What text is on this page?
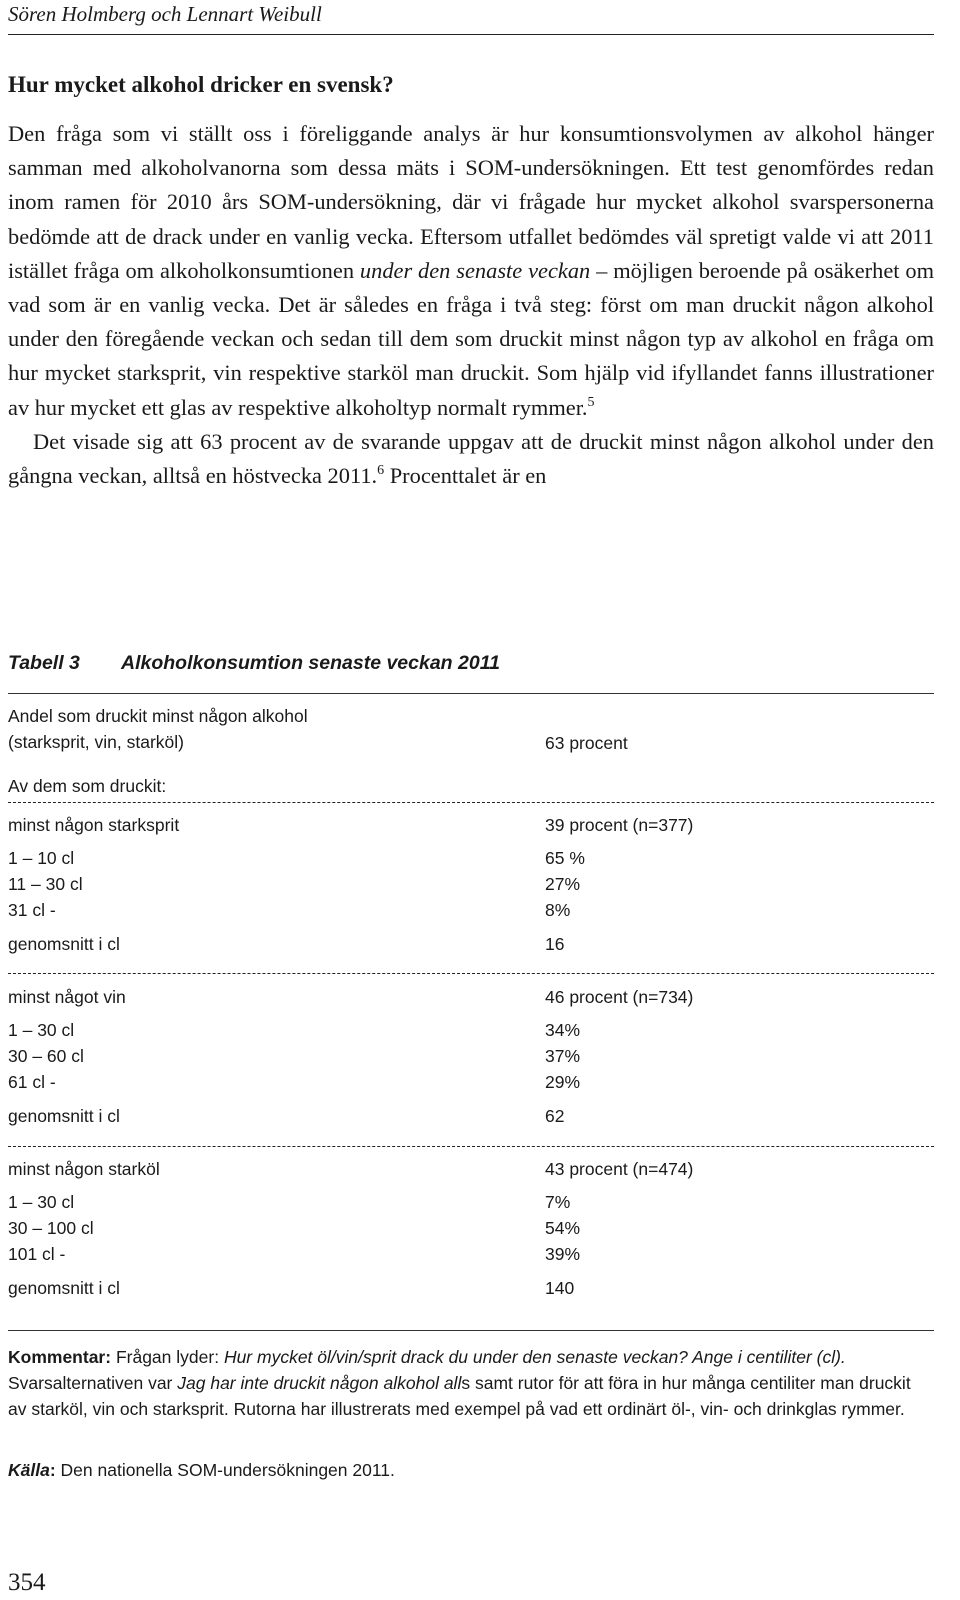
Sören Holmberg och Lennart Weibull
Hur mycket alkohol dricker en svensk?

Den fråga som vi ställt oss i föreliggande analys är hur konsumtionsvolymen av alkohol hänger samman med alkoholvanorna som dessa mäts i SOM-undersökningen. Ett test genomfördes redan inom ramen för 2010 års SOM-undersökning, där vi frågade hur mycket alkohol svarspersonerna bedömde att de drack under en vanlig vecka. Eftersom utfallet bedömdes väl spretigt valde vi att 2011 istället fråga om alkoholkonsumtionen under den senaste veckan – möjligen beroende på osäkerhet om vad som är en vanlig vecka. Det är således en fråga i två steg: först om man druckit någon alkohol under den föregående veckan och sedan till dem som druckit minst någon typ av alkohol en fråga om hur mycket starksprit, vin respektive starköl man druckit. Som hjälp vid ifyllandet fanns illustrationer av hur mycket ett glas av respektive alkoholtyp normalt rymmer.$^5$

Det visade sig att 63 procent av de svarande uppgav att de druckit minst någon alkohol under den gångna veckan, alltså en höstvecka 2011.$^6$ Procenttalet är en

Tabell 3 Alkoholkonsumtion senaste veckan 2011
Andel som druckit minst någon alkohol
(starksprit, vin, starköl)	63 procent
Av dem som druckit:
minst någon starksprit	39 procent (n=377)
1 – 10 cl	65 %
11 – 30 cl	27%
31 cl -	8%
genomsnitt i cl	16
minst något vin	46 procent (n=734)
1 – 30 cl	34%
30 – 60 cl	37%
61 cl -	29%
genomsnitt i cl	62
minst någon starköl	43 procent (n=474)
1 – 30 cl	7%
30 – 100 cl	54%
101 cl -	39%
genomsnitt i cl	140

Kommentar: Frågan lyder: Hur mycket öl/vin/sprit drack du under den senaste veckan? Ange i centiliter (cl). Svarsalternativen var Jag har inte druckit någon alkohol alls samt rutor för att föra in hur många centiliter man druckit av starköl, vin och starksprit. Rutorna har illustrerats med exempel på vad ett ordinärt öl-, vin- och drinkglas rymmer.

Källa: Den nationella SOM-undersökningen 2011.

354
